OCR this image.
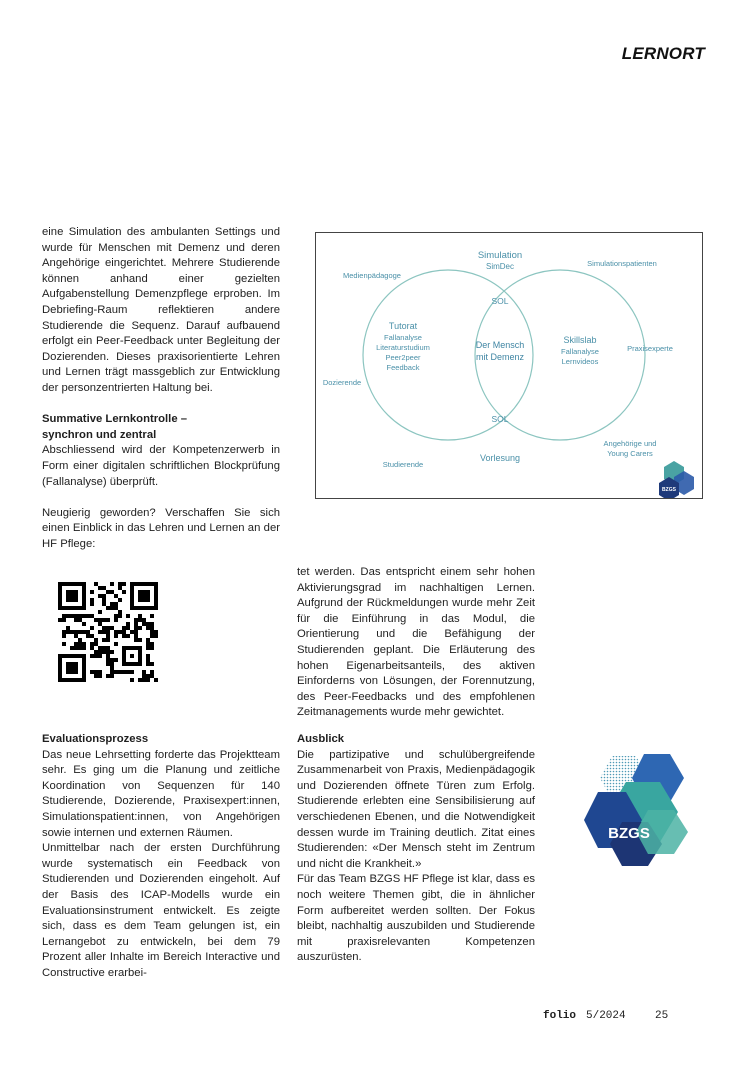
LERNORT

eine Simulation des ambulanten Settings und wurde für Menschen mit Demenz und deren Angehörige eingerichtet. Mehrere Studierende können anhand einer gezielten Aufgabenstellung Demenzpflege erproben. Im Debriefing-Raum reflektieren andere Studierende die Sequenz. Darauf aufbauend erfolgt ein Peer-Feedback unter Begleitung der Dozierenden. Dieses praxisorientierte Lehren und Lernen trägt massgeblich zur Entwicklung der personzentrierten Haltung bei.

Summative Lernkontrolle –
synchron und zentral

Abschliessend wird der Kompetenzerwerb in Form einer digitalen schriftlichen Blockprüfung (Fallanalyse) überprüft.

Neugierig geworden? Verschaffen Sie sich einen Einblick in das Lehren und Lernen an der HF Pflege:

Simulation
SimDec
SOL
SOL
Vorlesung
Tutorat
Fallanalyse
Literaturstudium
Peer2peer
Feedback
Der Mensch
mit Demenz
Skillslab
Fallanalyse
Lernvideos
Medienpädagoge
Simulationspatienten
Dozierende
Praxisexperte
Studierende
Angehörige und
Young Carers
BZGS

tet werden. Das entspricht einem sehr hohen Aktivierungsgrad im nachhaltigen Lernen. Aufgrund der Rückmeldungen wurde mehr Zeit für die Einführung in das Modul, die Orientierung und die Befähigung der Studierenden geplant. Die Erläuterung des hohen Eigenarbeitsanteils, des aktiven Einforderns von Lösungen, der Forennutzung, des Peer-Feedbacks und des empfohlenen Zeitmanagements wurde mehr gewichtet.

Evaluationsprozess

Das neue Lehrsetting forderte das Projektteam sehr. Es ging um die Planung und zeitliche Koordination von Sequenzen für 140 Studierende, Dozierende, Praxisexpert:innen, Simulationspatient:innen, von Angehörigen sowie internen und externen Räumen.

Unmittelbar nach der ersten Durchführung wurde systematisch ein Feedback von Studierenden und Dozierenden eingeholt. Auf der Basis des ICAP-Modells wurde ein Evaluationsinstrument entwickelt. Es zeigte sich, dass es dem Team gelungen ist, ein Lernangebot zu entwickeln, bei dem 79 Prozent aller Inhalte im Bereich Interactive und Constructive erarbei-

Ausblick

Die partizipative und schulübergreifende Zusammenarbeit von Praxis, Medienpädagogik und Dozierenden öffnete Türen zum Erfolg. Studierende erlebten eine Sensibilisierung auf verschiedenen Ebenen, und die Notwendigkeit dessen wurde im Training deutlich. Zitat eines Studierenden: «Der Mensch steht im Zentrum und nicht die Krankheit.»

Für das Team BZGS HF Pflege ist klar, dass es noch weitere Themen gibt, die in ähnlicher Form aufbereitet werden sollten. Der Fokus bleibt, nachhaltig auszubilden und Studierende mit praxisrelevanten Kompetenzen auszurüsten.

BZGS
folio 5/2024	25
